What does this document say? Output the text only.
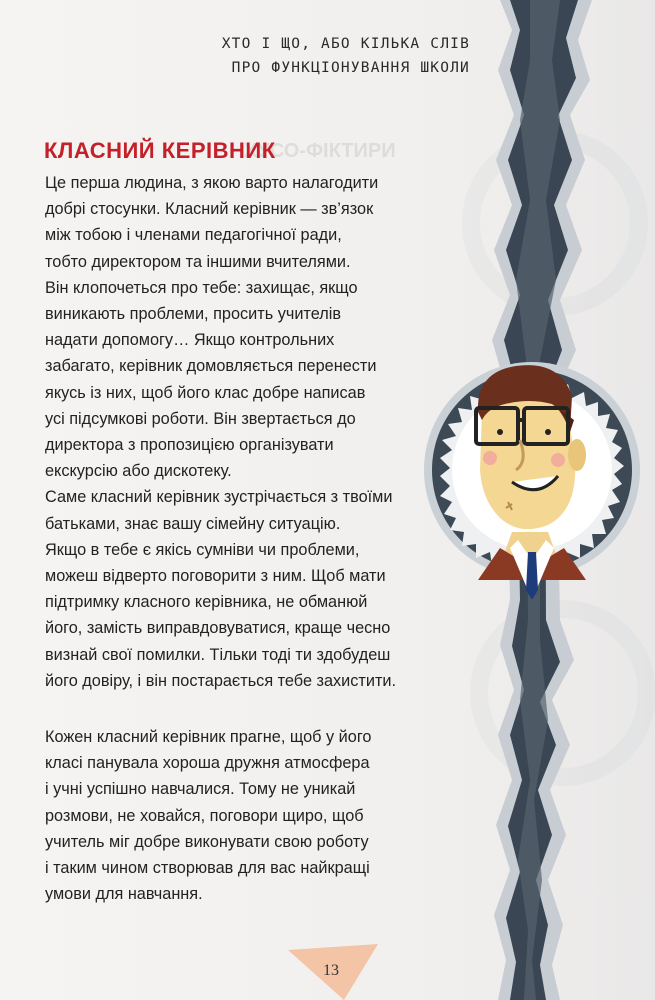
ХУСО-ФІКТИРИ
ХТО І ЩО, АБО КІЛЬКА СЛІВ
ПРО ФУНКЦІОНУВАННЯ ШКОЛИ
КЛАСНИЙ КЕРІВНИК
Це перша людина, з якою варто налагодити
добрі стосунки. Класний керівник — зв’язок
між тобою і членами педагогічної ради,
тобто директором та іншими вчителями.
Він клопочеться про тебе: захищає, якщо
виникають проблеми, просить учителів
надати допомогу… Якщо контрольних
забагато, керівник домовляється перенести
якусь із них, щоб його клас добре написав
усі підсумкові роботи. Він звертається до
директора з пропозицією організувати
екскурсію або дискотеку.
Саме класний керівник зустрічається з твоїми
батьками, знає вашу сімейну ситуацію.
Якщо в тебе є якісь сумніви чи проблеми,
можеш відверто поговорити з ним. Щоб мати
підтримку класного керівника, не обманюй
його, замість виправдовуватися, краще чесно
визнай свої помилки. Тільки тоді ти здобудеш
його довіру, і він постарається тебе захистити.
Кожен класний керівник прагне, щоб у його
класі панувала хороша дружня атмосфера
і учні успішно навчалися. Тому не уникай
розмови, не ховайся, поговори щиро, щоб
учитель міг добре виконувати свою роботу
і таким чином створював для вас найкращі
умови для навчання.
13
